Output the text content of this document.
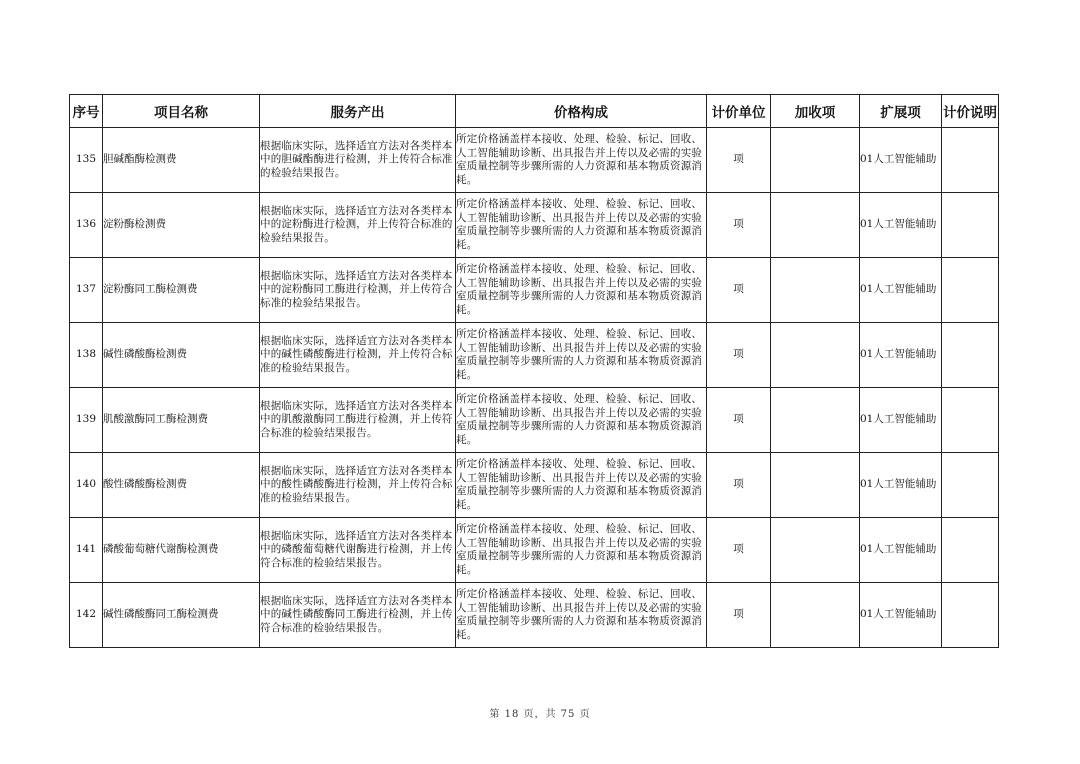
序号	项目名称	服务产出	价格构成	计价单位	加收项	扩展项	计价说明
135	胆碱酯酶检测费	根据临床实际，选择适宜方法对各类样本中的胆碱酯酶进行检测，并上传符合标准的检验结果报告。	所定价格涵盖样本接收、处理、检验、标记、回收、人工智能辅助诊断、出具报告并上传以及必需的实验室质量控制等步骤所需的人力资源和基本物质资源消耗。	项		01人工智能辅助	
136	淀粉酶检测费	根据临床实际，选择适宜方法对各类样本中的淀粉酶进行检测，并上传符合标准的检验结果报告。	所定价格涵盖样本接收、处理、检验、标记、回收、人工智能辅助诊断、出具报告并上传以及必需的实验室质量控制等步骤所需的人力资源和基本物质资源消耗。	项		01人工智能辅助	
137	淀粉酶同工酶检测费	根据临床实际，选择适宜方法对各类样本中的淀粉酶同工酶进行检测，并上传符合标准的检验结果报告。	所定价格涵盖样本接收、处理、检验、标记、回收、人工智能辅助诊断、出具报告并上传以及必需的实验室质量控制等步骤所需的人力资源和基本物质资源消耗。	项		01人工智能辅助	
138	碱性磷酸酶检测费	根据临床实际，选择适宜方法对各类样本中的碱性磷酸酶进行检测，并上传符合标准的检验结果报告。	所定价格涵盖样本接收、处理、检验、标记、回收、人工智能辅助诊断、出具报告并上传以及必需的实验室质量控制等步骤所需的人力资源和基本物质资源消耗。	项		01人工智能辅助	
139	肌酸激酶同工酶检测费	根据临床实际，选择适宜方法对各类样本中的肌酸激酶同工酶进行检测，并上传符合标准的检验结果报告。	所定价格涵盖样本接收、处理、检验、标记、回收、人工智能辅助诊断、出具报告并上传以及必需的实验室质量控制等步骤所需的人力资源和基本物质资源消耗。	项		01人工智能辅助	
140	酸性磷酸酶检测费	根据临床实际，选择适宜方法对各类样本中的酸性磷酸酶进行检测，并上传符合标准的检验结果报告。	所定价格涵盖样本接收、处理、检验、标记、回收、人工智能辅助诊断、出具报告并上传以及必需的实验室质量控制等步骤所需的人力资源和基本物质资源消耗。	项		01人工智能辅助	
141	磷酸葡萄糖代谢酶检测费	根据临床实际，选择适宜方法对各类样本中的磷酸葡萄糖代谢酶进行检测，并上传符合标准的检验结果报告。	所定价格涵盖样本接收、处理、检验、标记、回收、人工智能辅助诊断、出具报告并上传以及必需的实验室质量控制等步骤所需的人力资源和基本物质资源消耗。	项		01人工智能辅助	
142	碱性磷酸酶同工酶检测费	根据临床实际，选择适宜方法对各类样本中的碱性磷酸酶同工酶进行检测，并上传符合标准的检验结果报告。	所定价格涵盖样本接收、处理、检验、标记、回收、人工智能辅助诊断、出具报告并上传以及必需的实验室质量控制等步骤所需的人力资源和基本物质资源消耗。	项		01人工智能辅助	
第 18 页，共 75 页
